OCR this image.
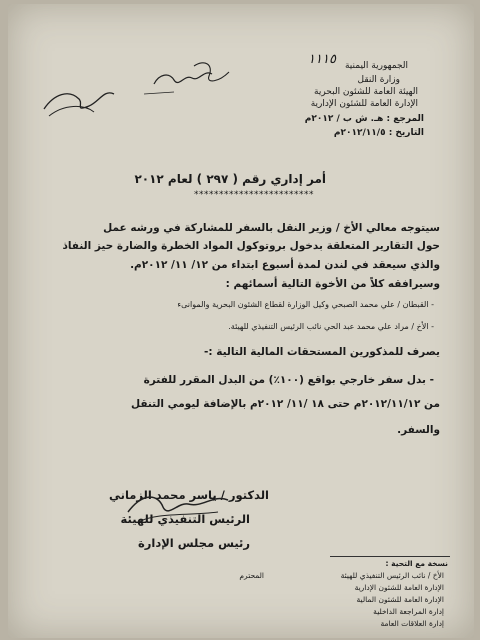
الجمهورية اليمنية
وزارة النقل
الهيئة العامة للشئون البحرية
الإدارة العامة للشئون الإدارية
المرجع : هـ. ش ب / ٢٠١٢م
التاريخ : ٢٠١٢/١١/٥م
١١١٥
أمر إداري رقم ( ٢٩٧ ) لعام ٢٠١٢
************************
سيتوجه معالي الأخ / وزير النقل بالسفر للمشاركة في ورشه عمل
حول التقارير المتعلقة بدخول بروتوكول المواد الخطرة والضارة حيز النفاذ
والذي سيعقد في لندن لمدة أسبوع ابتداء من ١٢/ ١١/ ٢٠١٢م.
وسيرافقه كلاً من الأخوة التالية أسمائهم :
- القبطان / علي محمد الصبحي وكيل الوزارة لقطاع الشئون البحرية والموانىء
- الأخ / مراد علي محمد عبد الحي نائب الرئيس التنفيذي للهيئة.
يصرف للمذكورين المستحقات المالية التالية :-
- بدل سفر خارجي بواقع (١٠٠٪) من البدل المقرر للفترة
من ٢٠١٢/١١/١٢م حتى ١٨ /١١/ ٢٠١٢م بالإضافة ليومي التنقل
والسفر.
الدكتور / ياسر محمد الزماني
الرئيس التنفيذي للهيئة
رئيس مجلس الإدارة
نسخة مع التحية :
الأخ / نائب الرئيس التنفيذي للهيئة
المحترم
الإدارة العامة للشئون الإدارية
الإدارة العامة للشئون المالية
إدارة المراجعة الداخلية
إدارة العلاقات العامة
